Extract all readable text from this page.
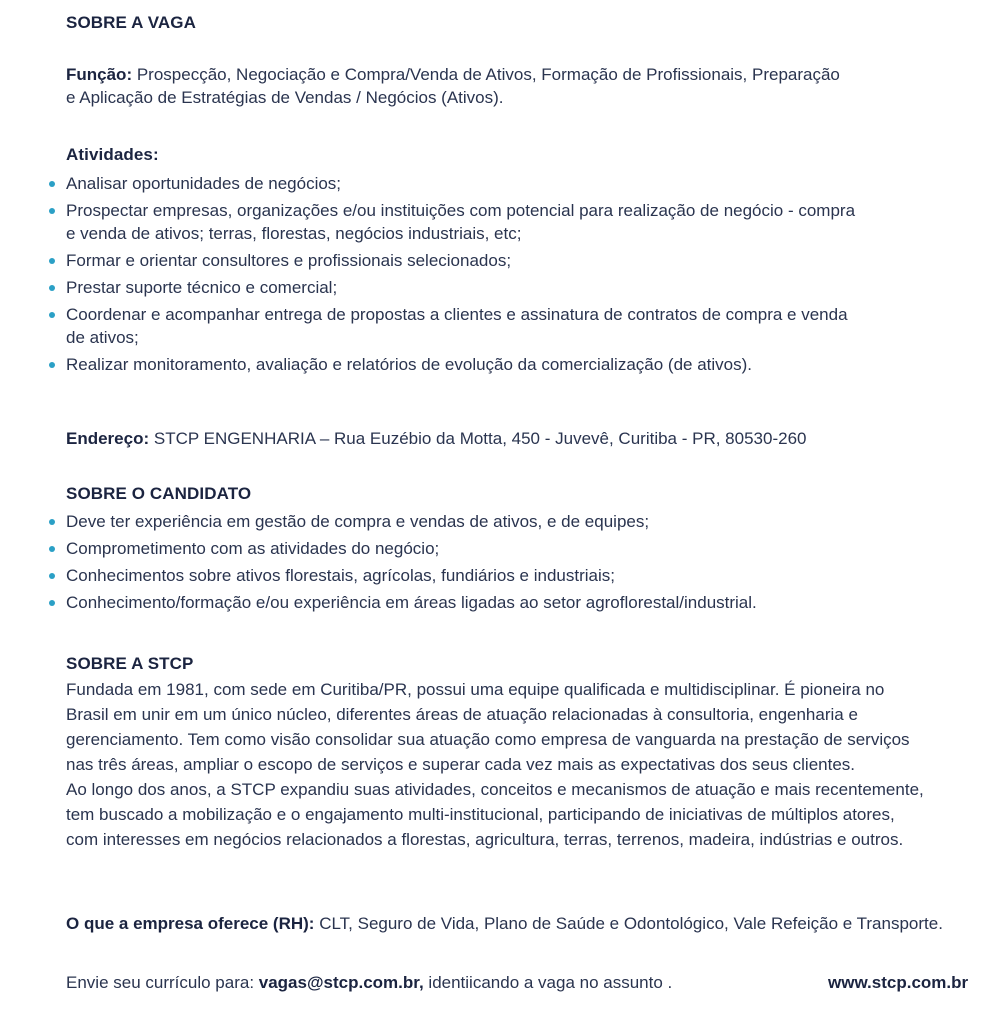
SOBRE A VAGA
Função: Prospecção, Negociação e Compra/Venda de Ativos, Formação de Profissionais, Preparação
e Aplicação de Estratégias de Vendas / Negócios (Ativos).
Atividades:
Analisar oportunidades de negócios;
Prospectar empresas, organizações e/ou instituições com potencial para realização de negócio - compra
e venda de ativos; terras, florestas, negócios industriais, etc;
Formar e orientar consultores e profissionais selecionados;
Prestar suporte técnico e comercial;
Coordenar e acompanhar entrega de propostas a clientes e assinatura de contratos de compra e venda
de ativos;
Realizar monitoramento, avaliação e relatórios de evolução da comercialização (de ativos).
Endereço: STCP ENGENHARIA – Rua Euzébio da Motta, 450 - Juvevê, Curitiba - PR, 80530-260
SOBRE O CANDIDATO
Deve ter experiência em gestão de compra e vendas de ativos, e de equipes;
Comprometimento com as atividades do negócio;
Conhecimentos sobre ativos florestais, agrícolas, fundiários e industriais;
Conhecimento/formação e/ou experiência em áreas ligadas ao setor agroflorestal/industrial.
SOBRE A STCP

Fundada em 1981, com sede em Curitiba/PR, possui uma equipe qualificada e multidisciplinar. É pioneira no

Brasil em unir em um único núcleo, diferentes áreas de atuação relacionadas à consultoria, engenharia e

gerenciamento. Tem como visão consolidar sua atuação como empresa de vanguarda na prestação de serviços

nas três áreas, ampliar o escopo de serviços e superar cada vez mais as expectativas dos seus clientes.

Ao longo dos anos, a STCP expandiu suas atividades, conceitos e mecanismos de atuação e mais recentemente,

tem buscado a mobilização e o engajamento multi-institucional, participando de iniciativas de múltiplos atores,

com interesses em negócios relacionados a florestas, agricultura, terras, terrenos, madeira, indústrias e outros.

O que a empresa oferece (RH): CLT, Seguro de Vida, Plano de Saúde e Odontológico, Vale Refeição e Transporte.
Envie seu currículo para: vagas@stcp.com.br, identiicando a vaga no assunto .	www.stcp.com.br
